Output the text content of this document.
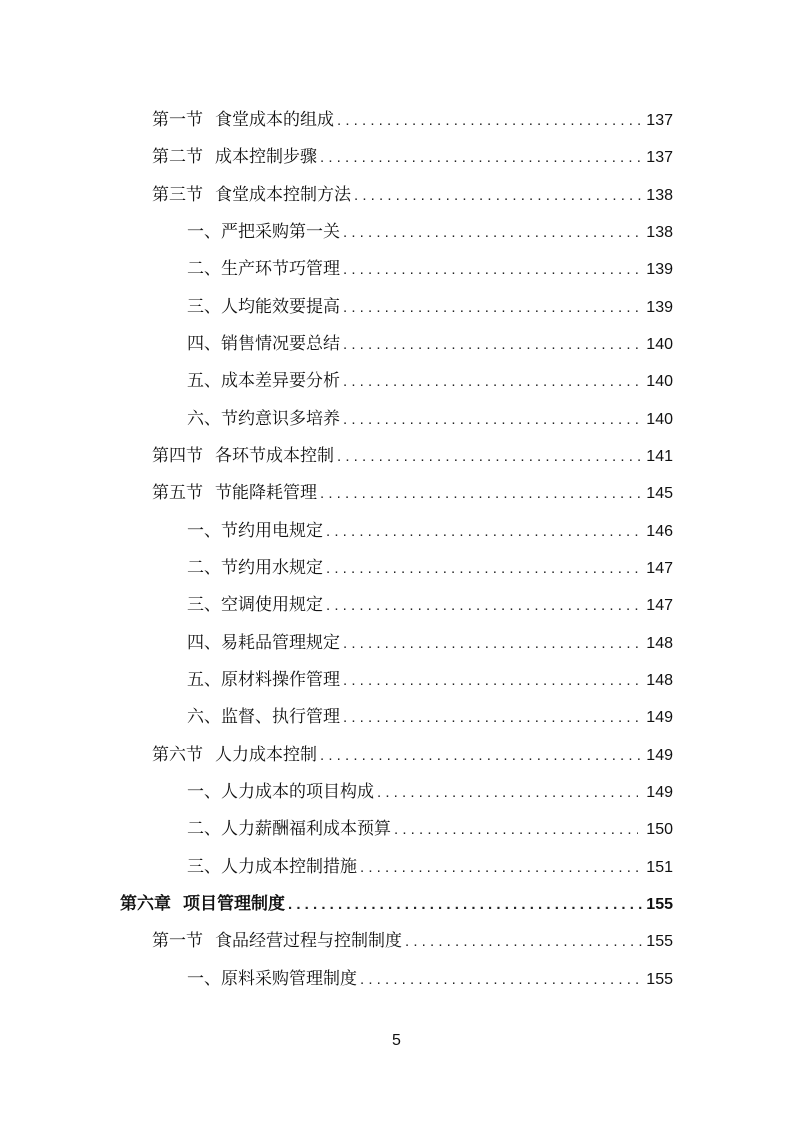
第一节 食堂成本的组成 . . .	137
第二节 成本控制步骤 . . .	137
第三节 食堂成本控制方法 . . .	138
一、严把采购第一关 . . .	138
二、生产环节巧管理 . . .	139
三、人均能效要提高 . . .	139
四、销售情况要总结 . . .	140
五、成本差异要分析 . . .	140
六、节约意识多培养 . . .	140
第四节 各环节成本控制 . . .	141
第五节 节能降耗管理 . . .	145
一、节约用电规定 . . .	146
二、节约用水规定 . . .	147
三、空调使用规定 . . .	147
四、易耗品管理规定 . . .	148
五、原材料操作管理 . . .	148
六、监督、执行管理 . . .	149
第六节 人力成本控制 . . .	149
一、人力成本的项目构成 . . .	149
二、人力薪酬福利成本预算 . . .	150
三、人力成本控制措施 . . .	151
第六章 项目管理制度 . . .	155
第一节 食品经营过程与控制制度 . . .	155
一、原料采购管理制度 . . .	155
5
